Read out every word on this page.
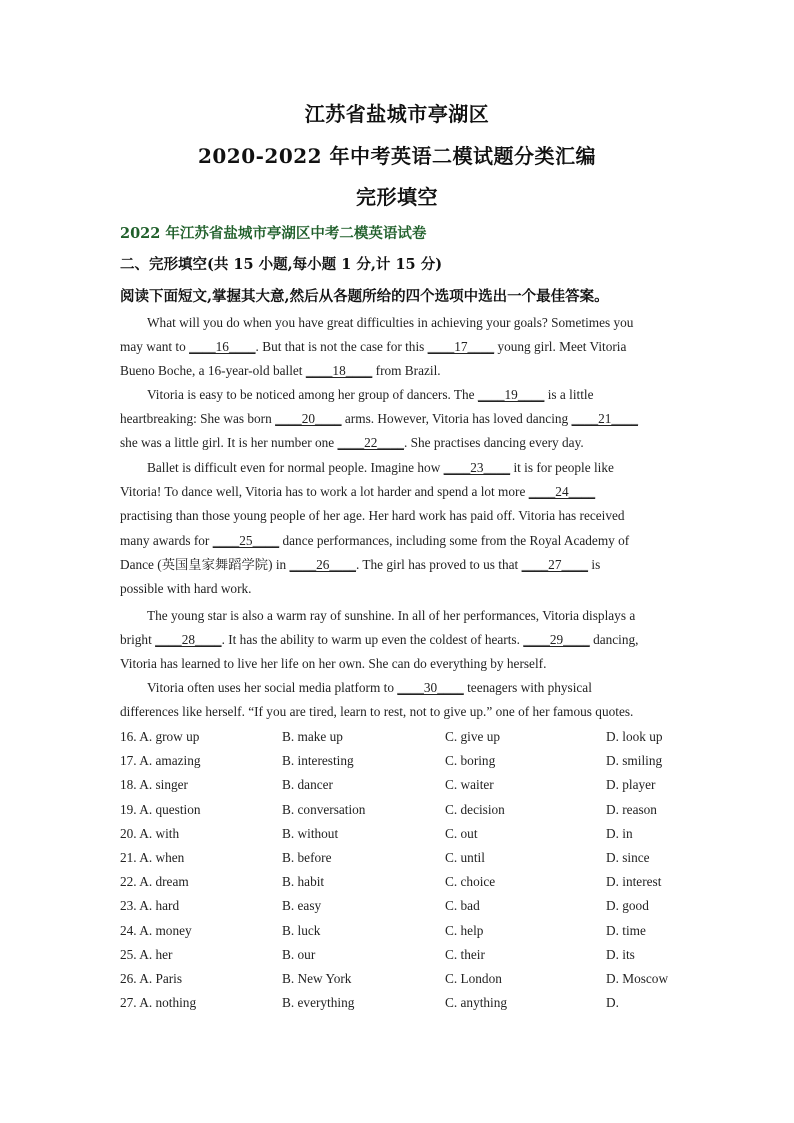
江苏省盐城市亭湖区
2020-2022 年中考英语二模试题分类汇编
完形填空
2022 年江苏省盐城市亭湖区中考二模英语试卷
二、完形填空(共 15 小题,每小题 1 分,计 15 分)
阅读下面短文,掌握其大意,然后从各题所给的四个选项中选出一个最佳答案。
What will you do when you have great difficulties in achieving your goals? Sometimes you
may want to ____16____. But that is not the case for this ____17____ young girl. Meet Vitoria
Bueno Boche, a 16-year-old ballet ____18____ from Brazil.
Vitoria is easy to be noticed among her group of dancers. The ____19____ is a little
heartbreaking: She was born ____20____ arms. However, Vitoria has loved dancing ____21____
she was a little girl. It is her number one ____22____. She practises dancing every day.
Ballet is difficult even for normal people. Imagine how ____23____ it is for people like
Vitoria! To dance well, Vitoria has to work a lot harder and spend a lot more ____24____
practising than those young people of her age. Her hard work has paid off. Vitoria has received
many awards for ____25____ dance performances, including some from the Royal Academy of
Dance (英国皇家舞蹈学院) in ____26____. The girl has proved to us that ____27____ is
possible with hard work.
The young star is also a warm ray of sunshine. In all of her performances, Vitoria displays a
bright ____28____. It has the ability to warm up even the coldest of hearts. ____29____ dancing,
Vitoria has learned to live her life on her own. She can do everything by herself.
Vitoria often uses her social media platform to ____30____ teenagers with physical
differences like herself. “If you are tired, learn to rest, not to give up.” one of her famous quotes.
16. A. grow up	B. make up	C. give up	D. look up
17. A. amazing	B. interesting	C. boring	D. smiling
18. A. singer	B. dancer	C. waiter	D. player
19. A. question	B. conversation	C. decision	D. reason
20. A. with	B. without	C. out	D. in
21. A. when	B. before	C. until	D. since
22. A. dream	B. habit	C. choice	D. interest
23. A. hard	B. easy	C. bad	D. good
24. A. money	B. luck	C. help	D. time
25. A. her	B. our	C. their	D. its
26. A. Paris	B. New York	C. London	D. Moscow
27. A. nothing	B. everything	C. anything	D.
